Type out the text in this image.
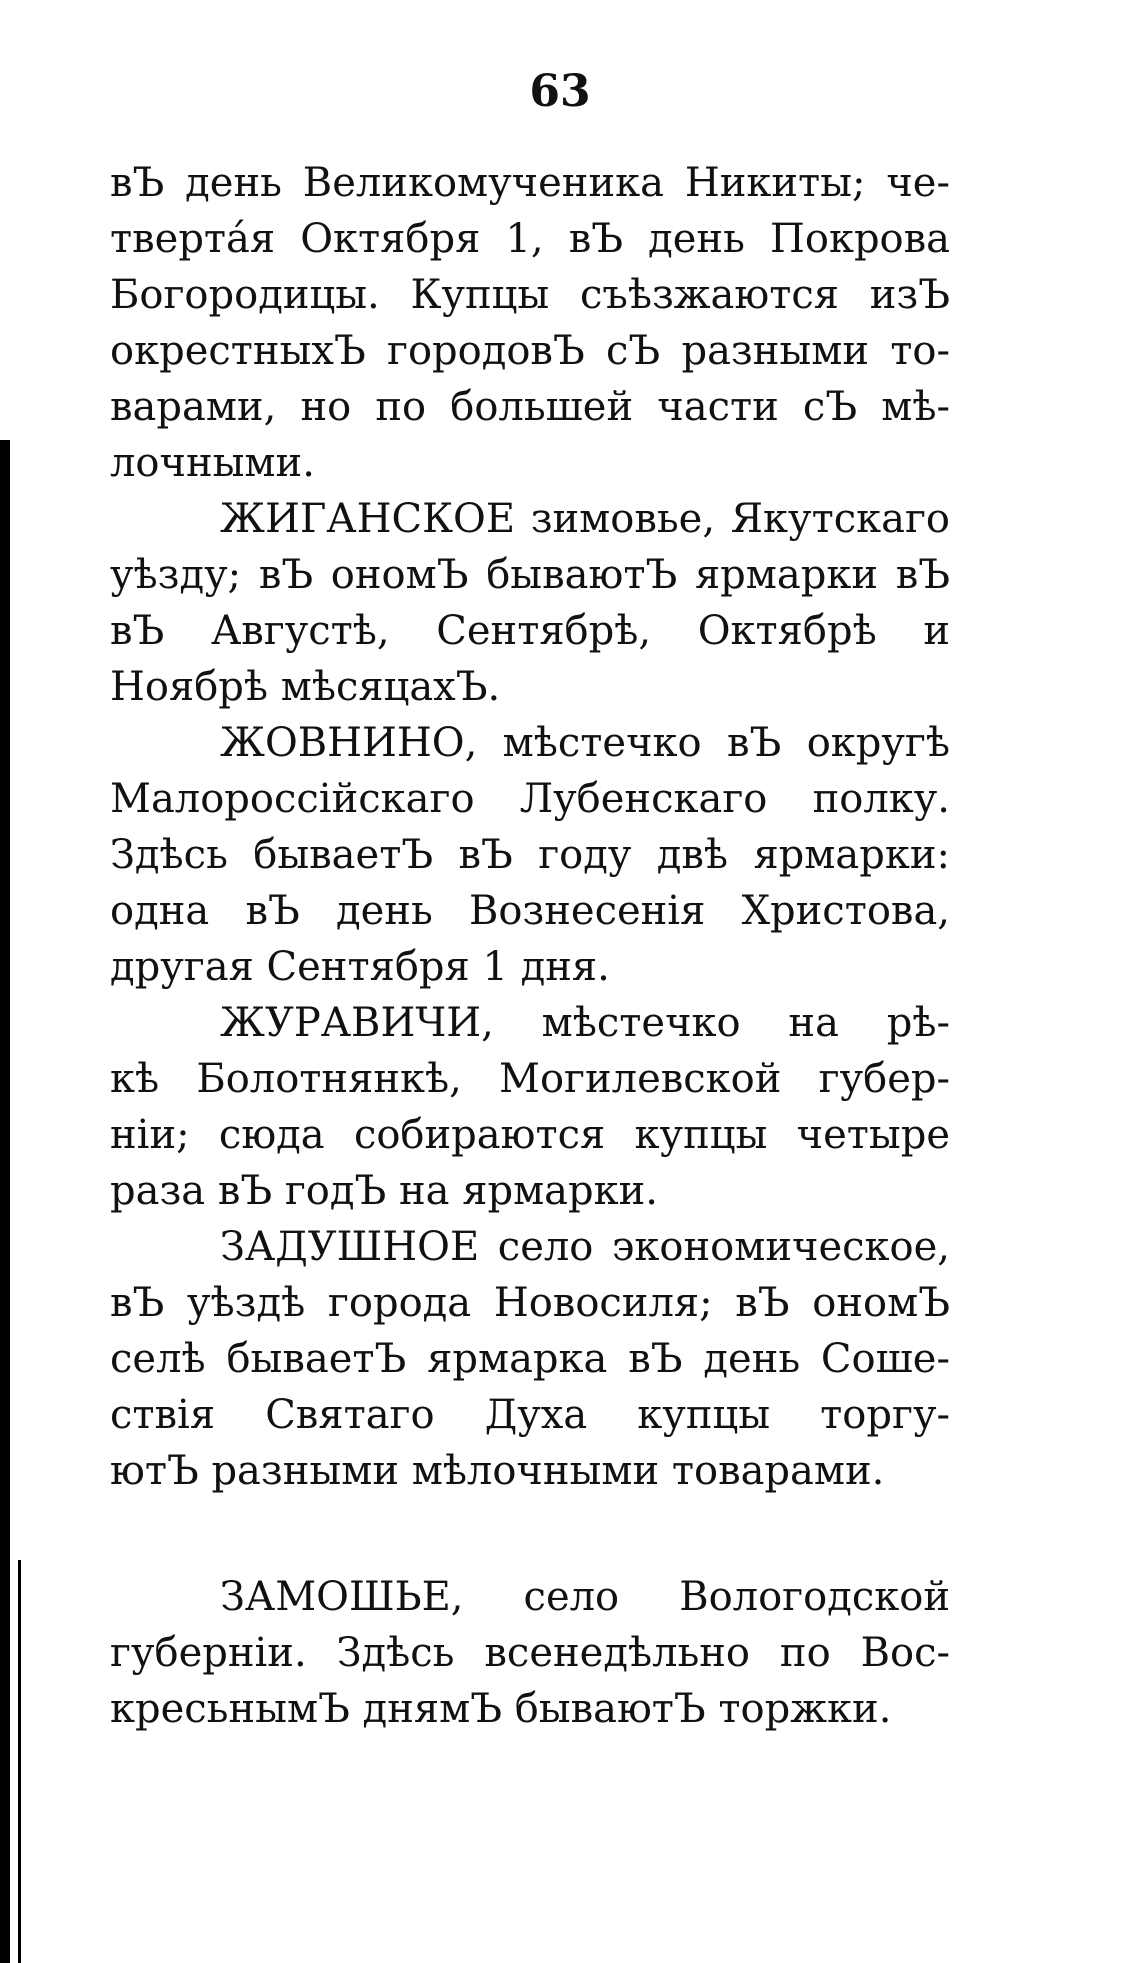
63
вЪ день Великомученика Никиты; че-
тверта́я Октября 1, вЪ день Покрова
Богородицы. Купцы съѣзжаются изЪ
окрестныхЪ городовЪ сЪ разными то-
варами, но по большей части сЪ мѣ-
лочными.
ЖИГАНСКОЕ зимовье, Якутскаго
уѣзду; вЪ ономЪ бываютЪ ярмарки вЪ
вЪ Августѣ, Сентябрѣ, Октябрѣ и
Ноябрѣ мѣсяцахЪ.
ЖОВНИНО, мѣстечко вЪ округѣ
Малороссійскаго Лубенскаго полку.
Здѣсь бываетЪ вЪ году двѣ ярмарки:
одна вЪ день Вознесенія Христова,
другая Сентября 1 дня.
ЖУРАВИЧИ, мѣстечко на рѣ-
кѣ Болотнянкѣ, Могилевской губер-
ніи; сюда собираются купцы четыре
раза вЪ годЪ на ярмарки.
ЗАДУШНОЕ село экономическое,
вЪ уѣздѣ города Новосиля; вЪ ономЪ
селѣ бываетЪ ярмарка вЪ день Соше-
ствія Святаго Духа купцы торгу-
ютЪ разными мѣлочными товарами.
ЗАМОШЬЕ, село Вологодской
губерніи. Здѣсь всенедѣльно по Вос-
кресьнымЪ днямЪ бываютЪ торжки.
